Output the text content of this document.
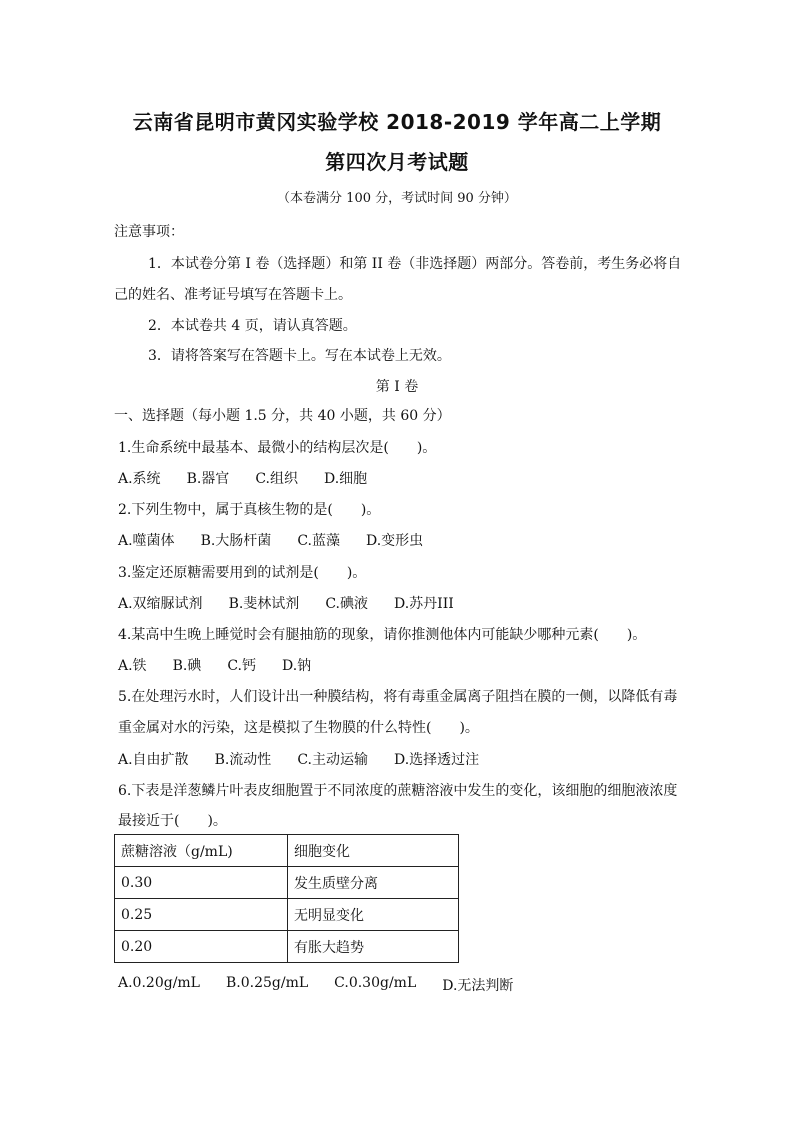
云南省昆明市黄冈实验学校 2018-2019 学年高二上学期
第四次月考试题
（本卷满分 100 分，考试时间 90 分钟）
注意事项：
1．本试卷分第 I 卷（选择题）和第 II 卷（非选择题）两部分。答卷前，考生务必将自
己的姓名、准考证号填写在答题卡上。
2．本试卷共 4 页，请认真答题。
3．请将答案写在答题卡上。写在本试卷上无效。
第 I 卷
一、选择题（每小题 1.5 分，共 40 小题，共 60 分）
1.生命系统中最基本、最微小的结构层次是(　　)。
A.系统 B.器官 C.组织 D.细胞
2.下列生物中，属于真核生物的是(　　)。
A.噬菌体 B.大肠杆菌 C.蓝藻 D.变形虫
3.鉴定还原糖需要用到的试剂是(　　)。
A.双缩脲试剂 B.斐林试剂 C.碘液 D.苏丹III
4.某高中生晚上睡觉时会有腿抽筋的现象，请你推测他体内可能缺少哪种元素(　　)。
A.铁 B.碘 C.钙 D.钠
5.在处理污水时，人们设计出一种膜结构，将有毒重金属离子阻挡在膜的一侧，以降低有毒
重金属对水的污染，这是模拟了生物膜的什么特性(　　)。
A.自由扩散 B.流动性 C.主动运输 D.选择透过注
6.下表是洋葱鳞片叶表皮细胞置于不同浓度的蔗糖溶液中发生的变化，该细胞的细胞液浓度
最接近于(　　)。
蔗糖溶液（g/mL)	细胞变化
0.30	发生质壁分离
0.25	无明显变化
0.20	有胀大趋势
A.0.20g/mL B.0.25g/mL C.0.30g/mL D.无法判断
